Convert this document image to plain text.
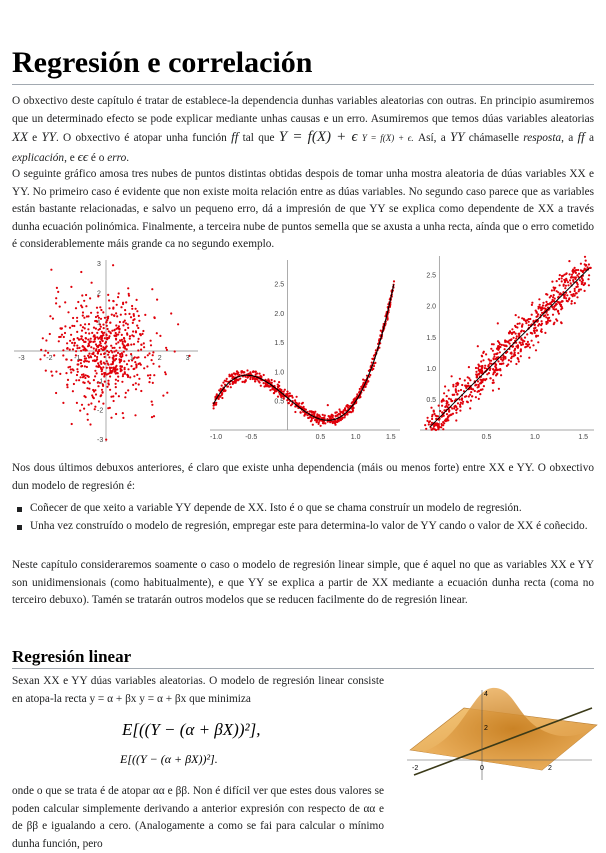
Regresión e correlación

O obxectivo deste capítulo é tratar de establece-la dependencia dunhas variables aleatorias con outras. En principio asumiremos que un determinado efecto se pode explicar mediante unhas causas e un erro. Asumiremos que temos dúas variables aleatorias XX e YY. O obxectivo é atopar unha función ff tal que Y = f(X) + ϵ Y = f(X) + ϵ. Así, a YY chámaselle resposta, a ff a explicación, e ϵϵ é o erro.

O seguinte gráfico amosa tres nubes de puntos distintas obtidas despois de tomar unha mostra aleatoria de dúas variables XX e YY. No primeiro caso é evidente que non existe moita relación entre as dúas variables. No segundo caso parece que as variables están bastante relacionadas, e salvo un pequeno erro, dá a impresión de que YY se explica como dependente de XX a través dunha ecuación polinómica. Finalmente, a terceira nube de puntos semella que se axusta a unha recta, aínda que o erro cometido é considerablemente máis grande ca no segundo exemplo.

-3	-2	-1	1	2	3
3
2
1
-1
-2
-3	-1.0	-0.5	0.5	1.0	1.5
2.5
2.0
1.5
1.0
0.5
0.5	1.0	1.5
2.5
2.0
1.5
1.0
0.5

Nos dous últimos debuxos anteriores, é claro que existe unha dependencia (máis ou menos forte) entre XX e YY. O obxectivo dun modelo de regresión é:

Coñecer de que xeito a variable YY depende de XX. Isto é o que se chama construír un modelo de regresión.
Unha vez construído o modelo de regresión, empregar este para determina-lo valor de YY cando o valor de XX é coñecido.

Neste capítulo consideraremos soamente o caso o modelo de regresión linear simple, que é aquel no que as variables XX e YY son unidimensionais (como habitualmente), e que YY se explica a partir de XX mediante a ecuación dunha recta (coma no terceiro debuxo). Tamén se tratarán outros modelos que se reducen facilmente do de regresión linear.

Regresión linear

Sexan XX e YY dúas variables aleatorias. O modelo de regresión linear consiste en atopa-la recta y = α + βx y = α + βx que minimiza

E[((Y − (α + βX))²],
E[((Y − (α + βX))²].

onde o que se trata é de atopar αα e ββ. Non é difícil ver que estes dous valores se poden calcular simplemente derivando a anterior expresión con respecto de αα e de ββ e igualando a cero. (Analogamente a como se fai para calcular o mínimo dunha función, pero

4
2
-2	0	2
